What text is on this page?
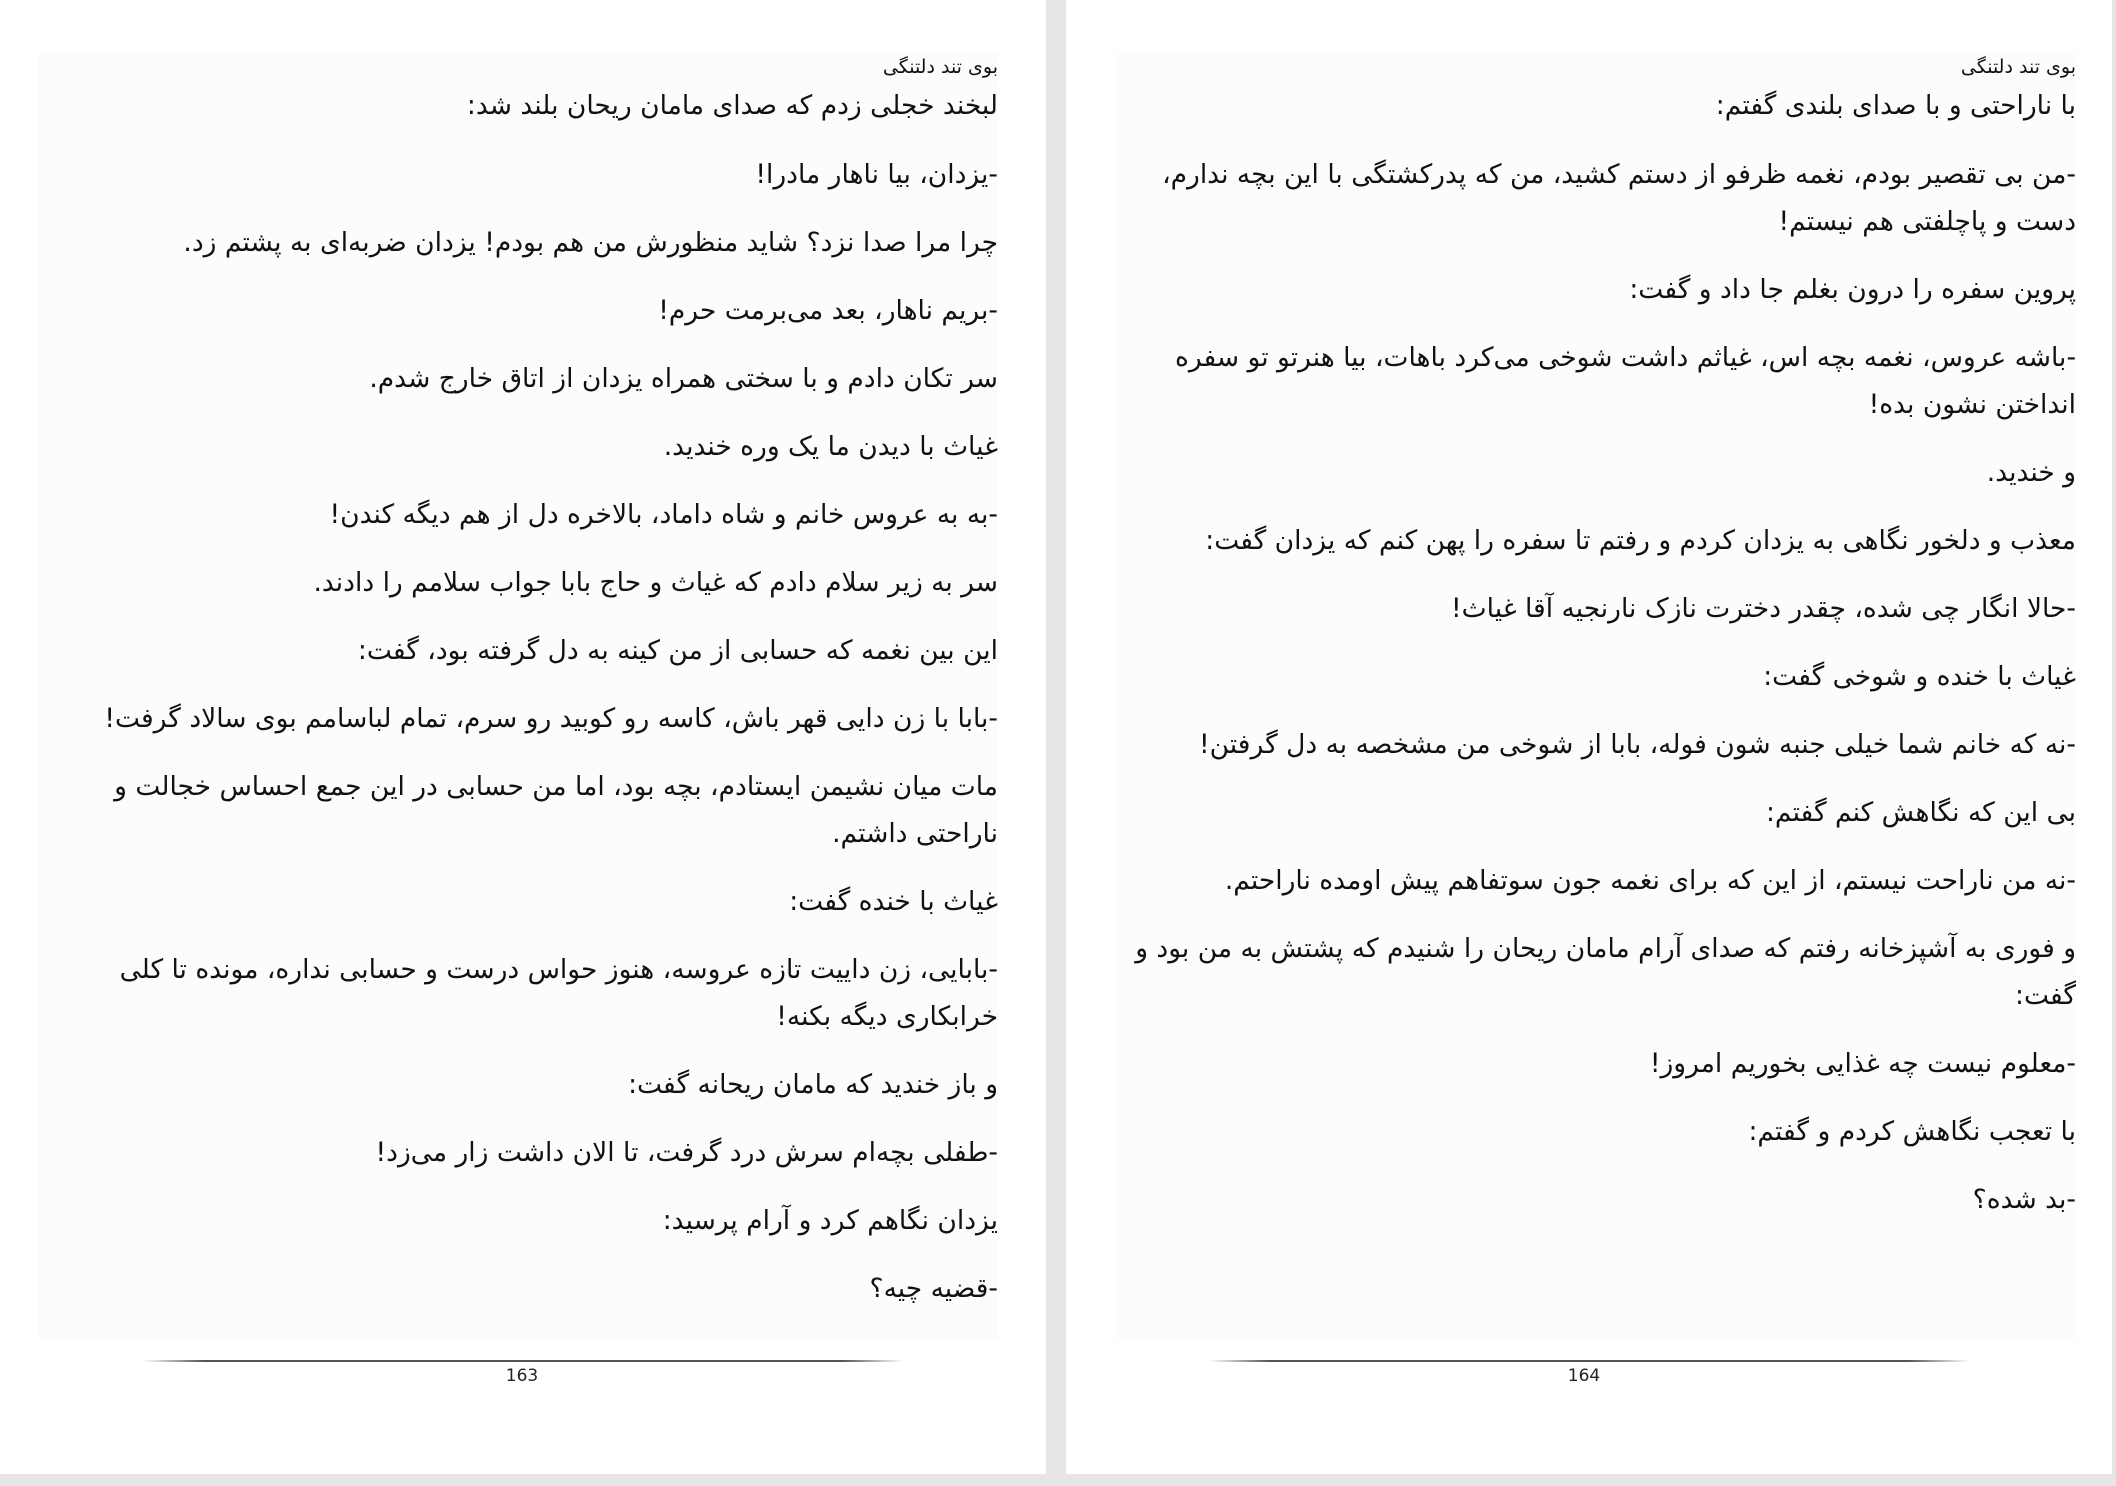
بوی تند دلتنگی

لبخند خجلی زدم که صدای مامان ریحان بلند شد:

-یزدان، بیا ناهار مادرا!

چرا مرا صدا نزد؟ شاید منظورش من هم بودم! یزدان ضربه‌ای به پشتم زد.

-بریم ناهار، بعد می‌برمت حرم!

سر تکان دادم و با سختی همراه یزدان از اتاق خارج شدم.

غیاث با دیدن ما یک وره خندید.

-به به عروس خانم و شاه داماد، بالاخره دل از هم دیگه کندن!

سر به زیر سلام دادم که غیاث و حاج بابا جواب سلامم را دادند.

این بین نغمه که حسابی از من کینه به دل گرفته بود، گفت:

-بابا با زن دایی قهر باش، کاسه رو کوبید رو سرم، تمام لباسامم بوی سالاد گرفت!

مات میان نشیمن ایستادم، بچه بود، اما من حسابی در این جمع احساس خجالت و ناراحتی داشتم.

غیاث با خنده گفت:

-بابایی، زن داییت تازه عروسه، هنوز حواس درست و حسابی نداره، مونده تا کلی خرابکاری دیگه بکنه!

و باز خندید که مامان ریحانه گفت:

-طفلی بچه‌ام سرش درد گرفت، تا الان داشت زار می‌زد!

یزدان نگاهم کرد و آرام پرسید:

-قضیه چیه؟

163

بوی تند دلتنگی

با ناراحتی و با صدای بلندی گفتم:

-من بی تقصیر بودم، نغمه ظرفو از دستم کشید، من که پدرکشتگی با این بچه ندارم، دست و پاچلفتی هم نیستم!

پروین سفره را درون بغلم جا داد و گفت:

-باشه عروس، نغمه بچه اس، غیاثم داشت شوخی می‌کرد باهات، بیا هنرتو تو سفره انداختن نشون بده!

و خندید.

معذب و دلخور نگاهی به یزدان کردم و رفتم تا سفره را پهن کنم که یزدان گفت:

-حالا انگار چی شده، چقدر دخترت نازک نارنجیه آقا غیاث!

غیاث با خنده و شوخی گفت:

-نه که خانم شما خیلی جنبه شون فوله، بابا از شوخی من مشخصه به دل گرفتن!

بی این که نگاهش کنم گفتم:

-نه من ناراحت نیستم، از این که برای نغمه جون سوتفاهم پیش اومده ناراحتم.

و فوری به آشپزخانه رفتم که صدای آرام مامان ریحان را شنیدم که پشتش به من بود و گفت:

-معلوم نیست چه غذایی بخوریم امروز!

با تعجب نگاهش کردم و گفتم:

-بد شده؟

164
